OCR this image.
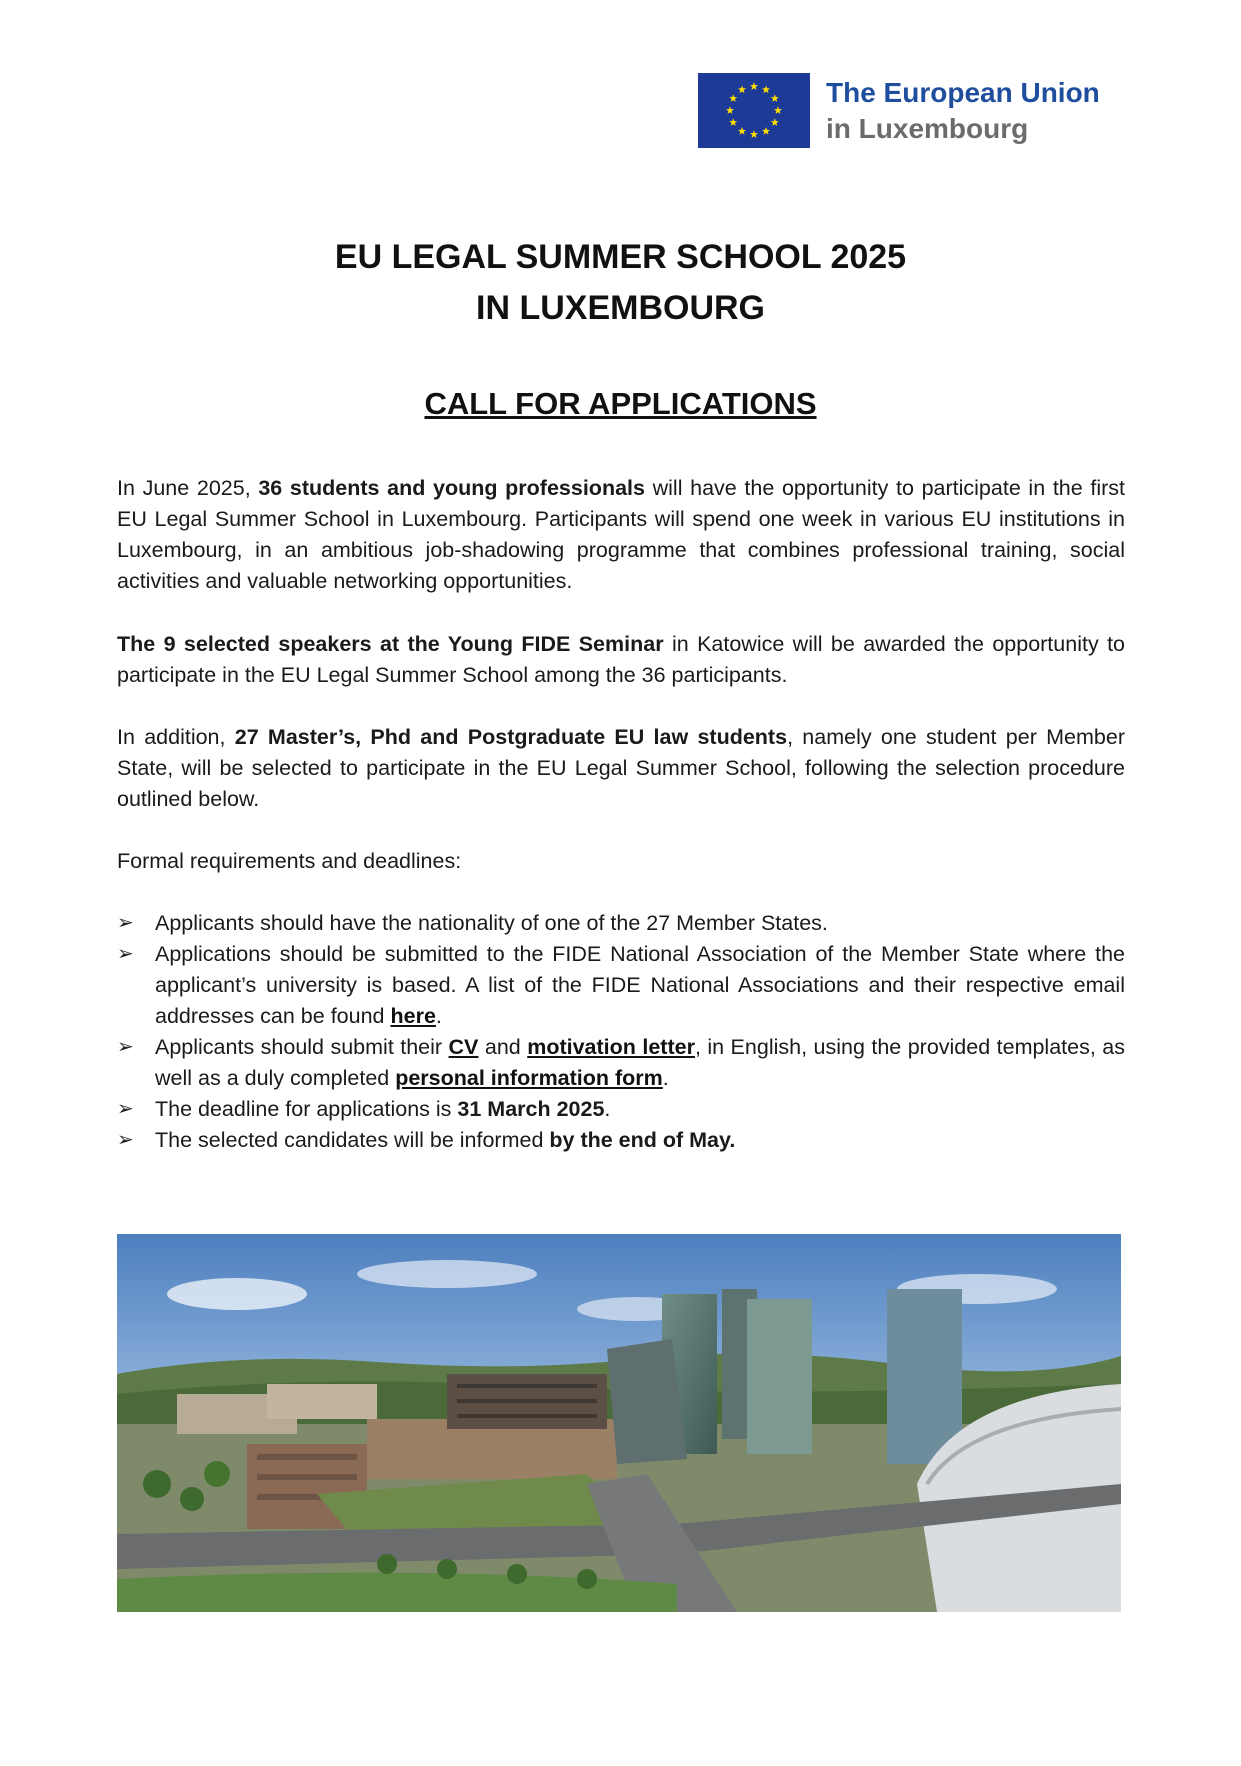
The European Union
in Luxembourg
EU LEGAL SUMMER SCHOOL 2025
IN LUXEMBOURG
CALL FOR APPLICATIONS
In June 2025, 36 students and young professionals will have the opportunity to participate in the first EU Legal Summer School in Luxembourg. Participants will spend one week in various EU institutions in Luxembourg, in an ambitious job-shadowing programme that combines professional training, social activities and valuable networking opportunities.
The 9 selected speakers at the Young FIDE Seminar in Katowice will be awarded the opportunity to participate in the EU Legal Summer School among the 36 participants.
In addition, 27 Master’s, Phd and Postgraduate EU law students, namely one student per Member State, will be selected to participate in the EU Legal Summer School, following the selection procedure outlined below.
Formal requirements and deadlines:
➢ Applicants should have the nationality of one of the 27 Member States.
➢ Applications should be submitted to the FIDE National Association of the Member State where the applicant’s university is based. A list of the FIDE National Associations and their respective email addresses can be found here.
➢ Applicants should submit their CV and motivation letter, in English, using the provided templates, as well as a duly completed personal information form.
➢ The deadline for applications is 31 March 2025.
➢ The selected candidates will be informed by the end of May.
